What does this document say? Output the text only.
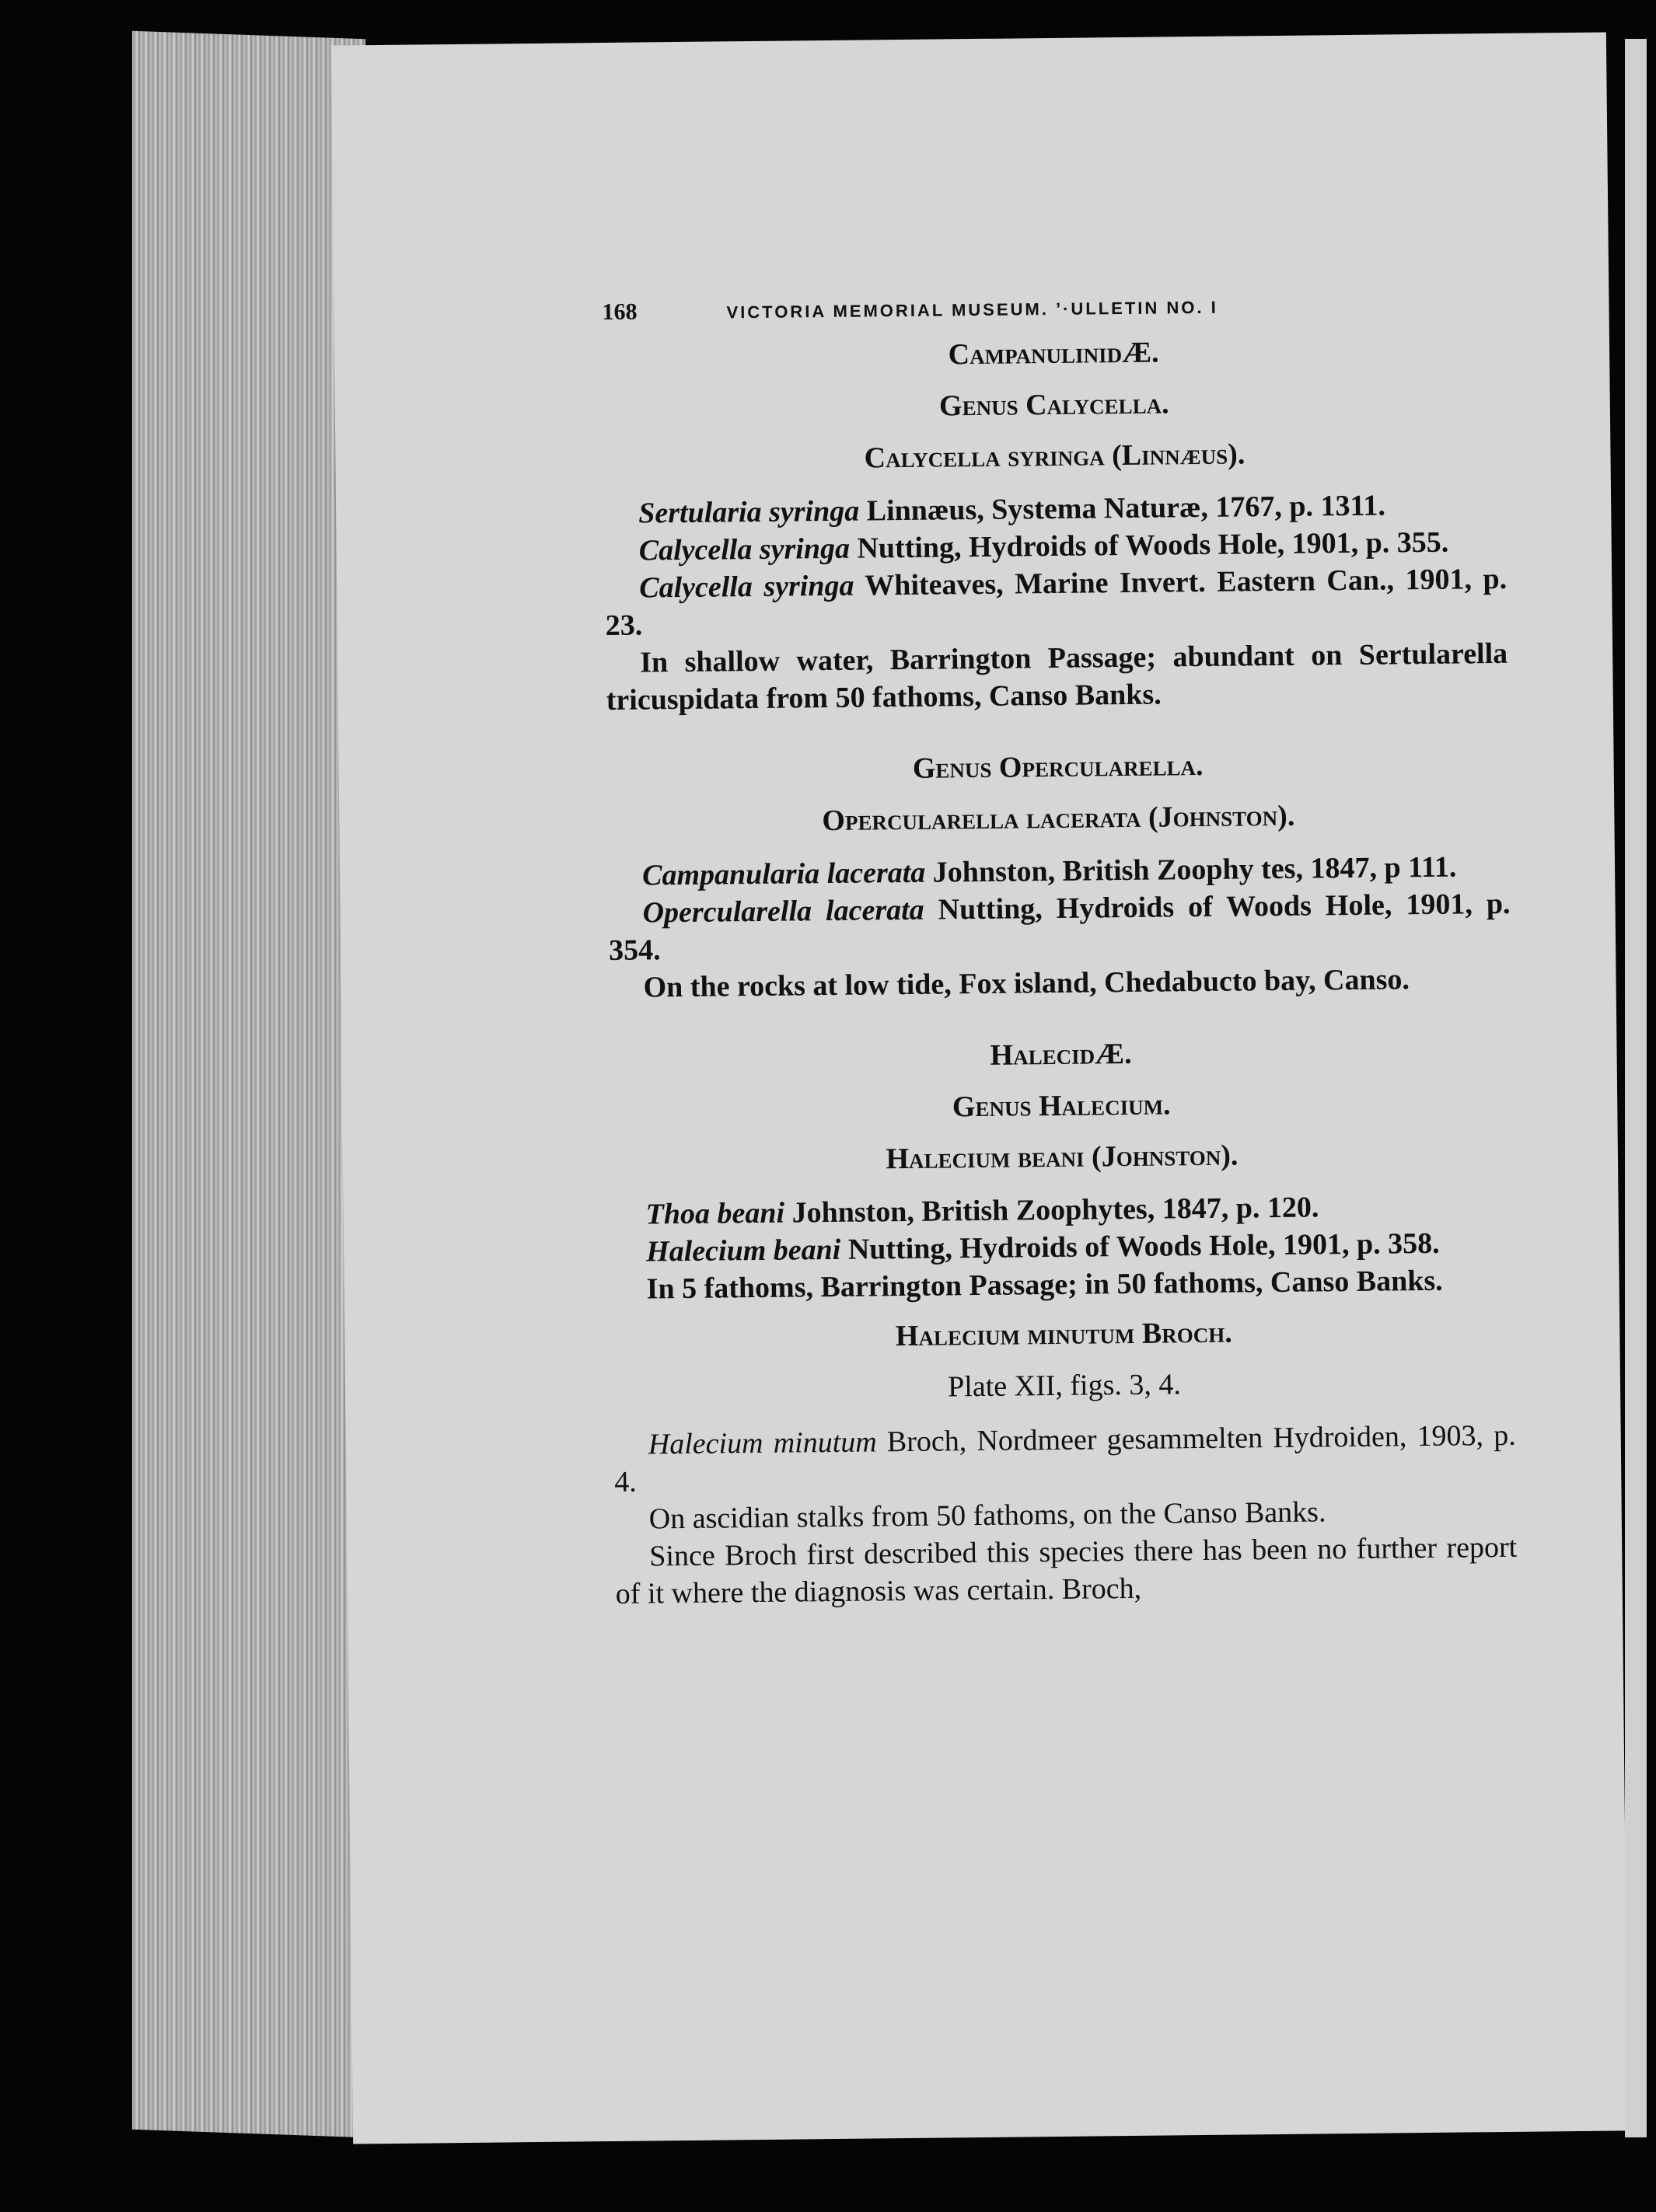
168	VICTORIA MEMORIAL MUSEUM. ’·ULLETIN NO. I
CampanulinidÆ.
Genus Calycella.
Calycella syringa (Linnæus).

Sertularia syringa Linnæus, Systema Naturæ, 1767, p. 1311.

Calycella syringa Nutting, Hydroids of Woods Hole, 1901, p. 355.

Calycella syringa Whiteaves, Marine Invert. Eastern Can., 1901, p. 23.

In shallow water, Barrington Passage; abundant on Sertularella tricuspidata from 50 fathoms, Canso Banks.

Genus Opercularella.
Opercularella lacerata (Johnston).

Campanularia lacerata Johnston, British Zoophy tes, 1847, p 111.

Opercularella lacerata Nutting, Hydroids of Woods Hole, 1901, p. 354.

On the rocks at low tide, Fox island, Chedabucto bay, Canso.

HalecidÆ.
Genus Halecium.
Halecium beani (Johnston).

Thoa beani Johnston, British Zoophytes, 1847, p. 120.

Halecium beani Nutting, Hydroids of Woods Hole, 1901, p. 358.

In 5 fathoms, Barrington Passage; in 50 fathoms, Canso Banks.

Halecium minutum Broch.
Plate XII, figs. 3, 4.

Halecium minutum Broch, Nordmeer gesammelten Hydroiden, 1903, p. 4.

On ascidian stalks from 50 fathoms, on the Canso Banks.

Since Broch first described this species there has been no further report of it where the diagnosis was certain. Broch,
